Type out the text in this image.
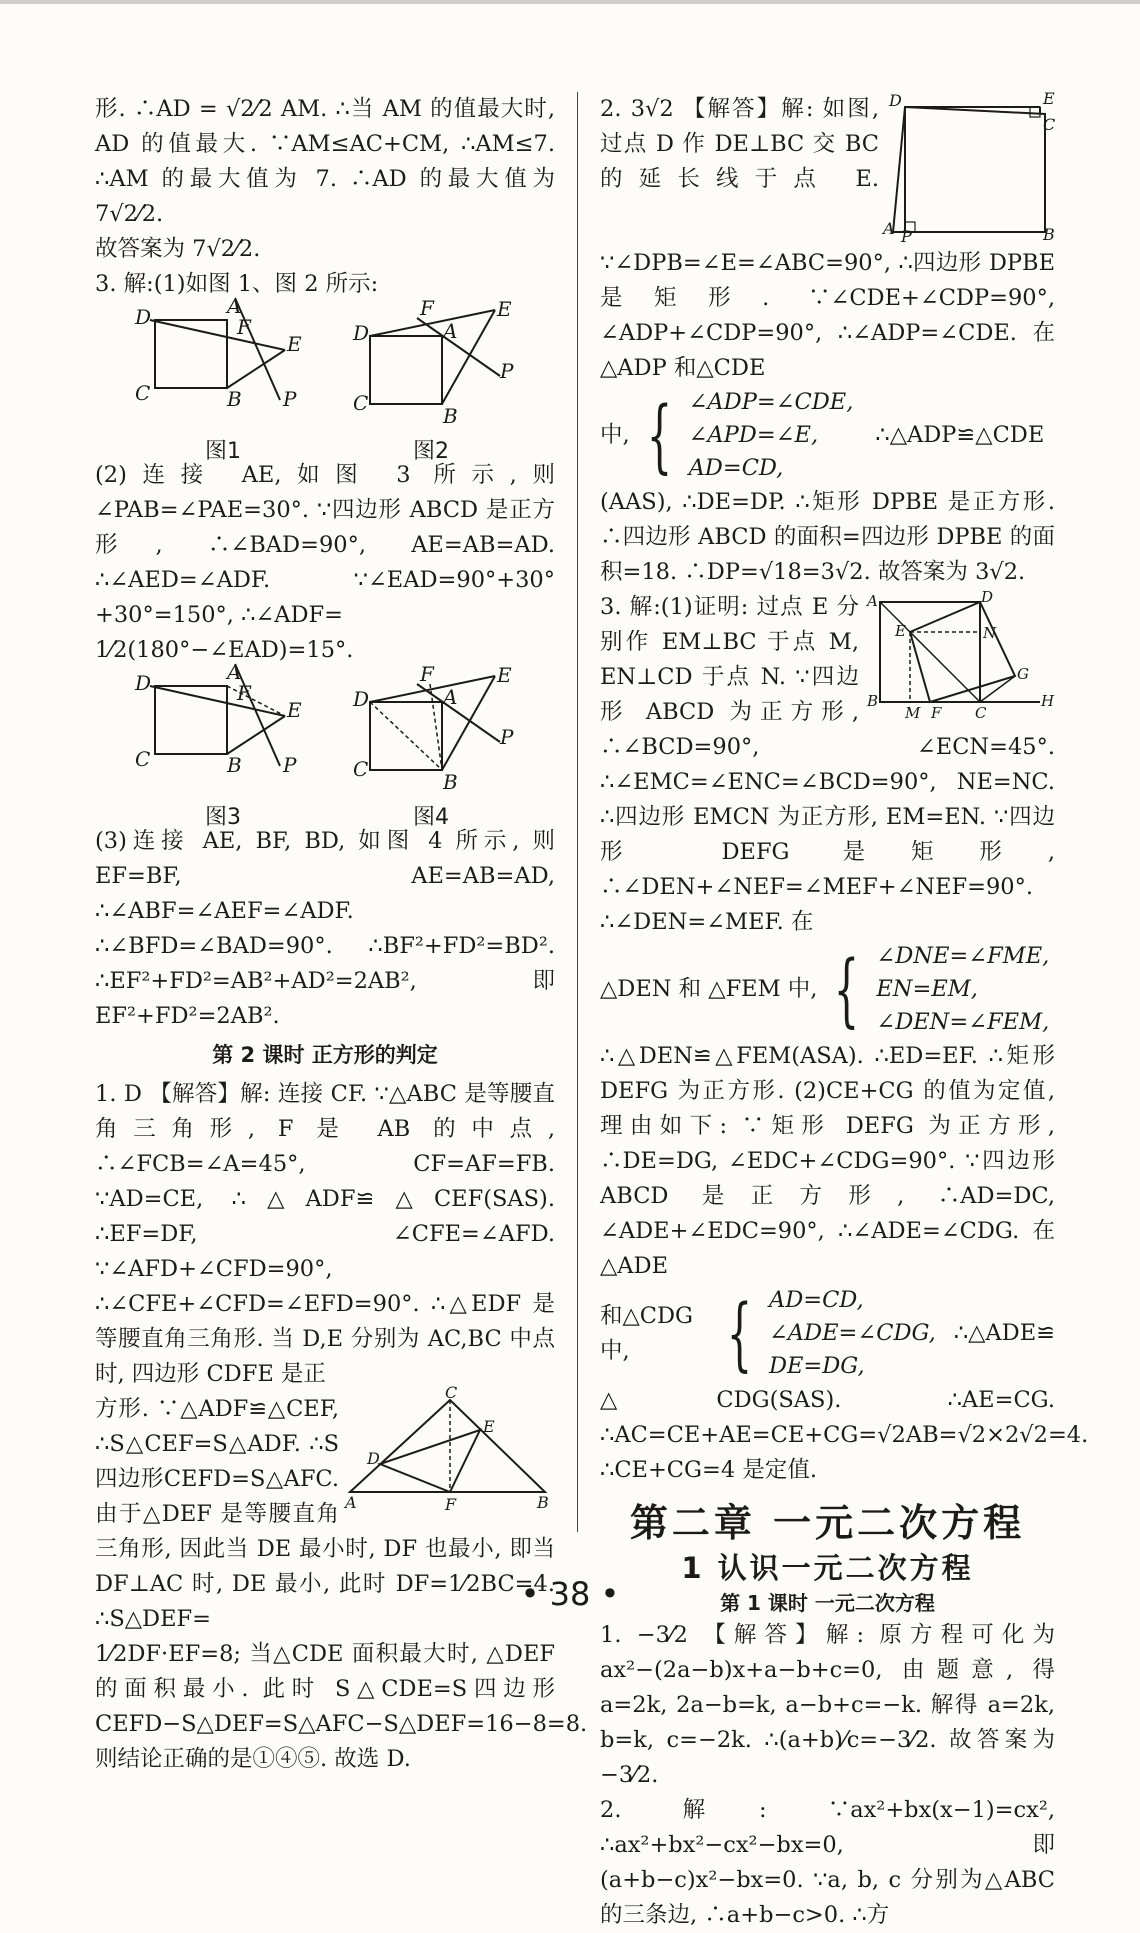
形. ∴AD = √2⁄2 AM. ∴当 AM 的值最大时, AD 的值最大. ∵AM≤AC+CM, ∴AM≤7. ∴AM 的最大值为 7. ∴AD 的最大值为 7√2⁄2.

故答案为 7√2⁄2.

3. 解:(1)如图 1、图 2 所示:

D	A
F
E
C	B P
D
F
A
E
P
C
B
图1	图2

(2)连接 AE,如图 3 所示,则∠PAB=∠PAE=30°. ∵四边形 ABCD 是正方形, ∴∠BAD=90°, AE=AB=AD. ∴∠AED=∠ADF. ∵∠EAD=90°+30°+30°=150°, ∴∠ADF=

1⁄2(180°−∠EAD)=15°.

D	A
F
E
C	B P
D
F
A
E
P
C
B
图3	图4

(3)连接 AE, BF, BD, 如图 4 所示, 则 EF=BF, AE=AB=AD, ∴∠ABF=∠AEF=∠ADF. ∴∠BFD=∠BAD=90°. ∴BF²+FD²=BD². ∴EF²+FD²=AB²+AD²=2AB², 即 EF²+FD²=2AB².

第 2 课时 正方形的判定

1. D 【解答】解: 连接 CF. ∵△ABC 是等腰直角三角形, F 是 AB 的中点, ∴∠FCB=∠A=45°, CF=AF=FB. ∵AD=CE, ∴△ADF≌△CEF(SAS). ∴EF=DF, ∠CFE=∠AFD. ∵∠AFD+∠CFD=90°, ∴∠CFE+∠CFD=∠EFD=90°. ∴△EDF 是等腰直角三角形. 当 D,E 分别为 AC,BC 中点时, 四边形 CDFE 是正

C
E
D
A	F	B

方形. ∵△ADF≌△CEF, ∴S△CEF=S△ADF. ∴S四边形CEFD=S△AFC. 由于△DEF 是等腰直角三角形, 因此当 DE 最小时, DF 也最小, 即当 DF⊥AC 时, DE 最小, 此时 DF=1⁄2BC=4. ∴S△DEF=

1⁄2DF·EF=8; 当△CDE 面积最大时, △DEF 的面积最小. 此时 S△CDE=S四边形CEFD−S△DEF=S△AFC−S△DEF=16−8=8. 则结论正确的是①④⑤. 故选 D.

D	E
C
A P	B

2. 3√2 【解答】解: 如图, 过点 D 作 DE⊥BC 交 BC 的延长线于点 E. ∵∠DPB=∠E=∠ABC=90°, ∴四边形 DPBE 是矩形. ∵∠CDE+∠CDP=90°, ∠ADP+∠CDP=90°, ∴∠ADP=∠CDE. 在△ADP 和△CDE

中, { ∠ADP=∠CDE,
∠APD=∠E,
AD=CD,
∴△ADP≌△CDE

(AAS), ∴DE=DP. ∴矩形 DPBE 是正方形. ∴四边形 ABCD 的面积=四边形 DPBE 的面积=18. ∴DP=√18=3√2. 故答案为 3√2.

A	D
E	N
G
B
M F C
H

3. 解:(1)证明: 过点 E 分别作 EM⊥BC 于点 M, EN⊥CD 于点 N. ∵四边形 ABCD 为正方形, ∴∠BCD=90°, ∠ECN=45°. ∴∠EMC=∠ENC=∠BCD=90°, NE=NC. ∴四边形 EMCN 为正方形, EM=EN. ∵四边形 DEFG 是矩形, ∴∠DEN+∠NEF=∠MEF+∠NEF=90°. ∴∠DEN=∠MEF. 在

△DEN 和 △FEM 中, { ∠DNE=∠FME,
EN=EM,
∠DEN=∠FEM,

∴△DEN≌△FEM(ASA). ∴ED=EF. ∴矩形 DEFG 为正方形. (2)CE+CG 的值为定值, 理由如下: ∵矩形 DEFG 为正方形, ∴DE=DG, ∠EDC+∠CDG=90°. ∵四边形 ABCD 是正方形, ∴AD=DC, ∠ADE+∠EDC=90°, ∴∠ADE=∠CDG. 在△ADE

和△CDG 中,	{ AD=CD,
∠ADE=∠CDG,
DE=DG,
∴△ADE≌

△CDG(SAS). ∴AE=CG. ∴AC=CE+AE=CE+CG=√2AB=√2×2√2=4. ∴CE+CG=4 是定值.

第二章 一元二次方程
1 认识一元二次方程
第 1 课时 一元二次方程

1. −3⁄2 【解答】解: 原方程可化为 ax²−(2a−b)x+a−b+c=0, 由题意, 得 a=2k, 2a−b=k, a−b+c=−k. 解得 a=2k, b=k, c=−2k. ∴(a+b)⁄c=−3⁄2. 故答案为−3⁄2.

2. 解: ∵ax²+bx(x−1)=cx², ∴ax²+bx²−cx²−bx=0, 即(a+b−c)x²−bx=0. ∵a, b, c 分别为△ABC 的三条边, ∴a+b−c>0. ∴方

• 38 •
